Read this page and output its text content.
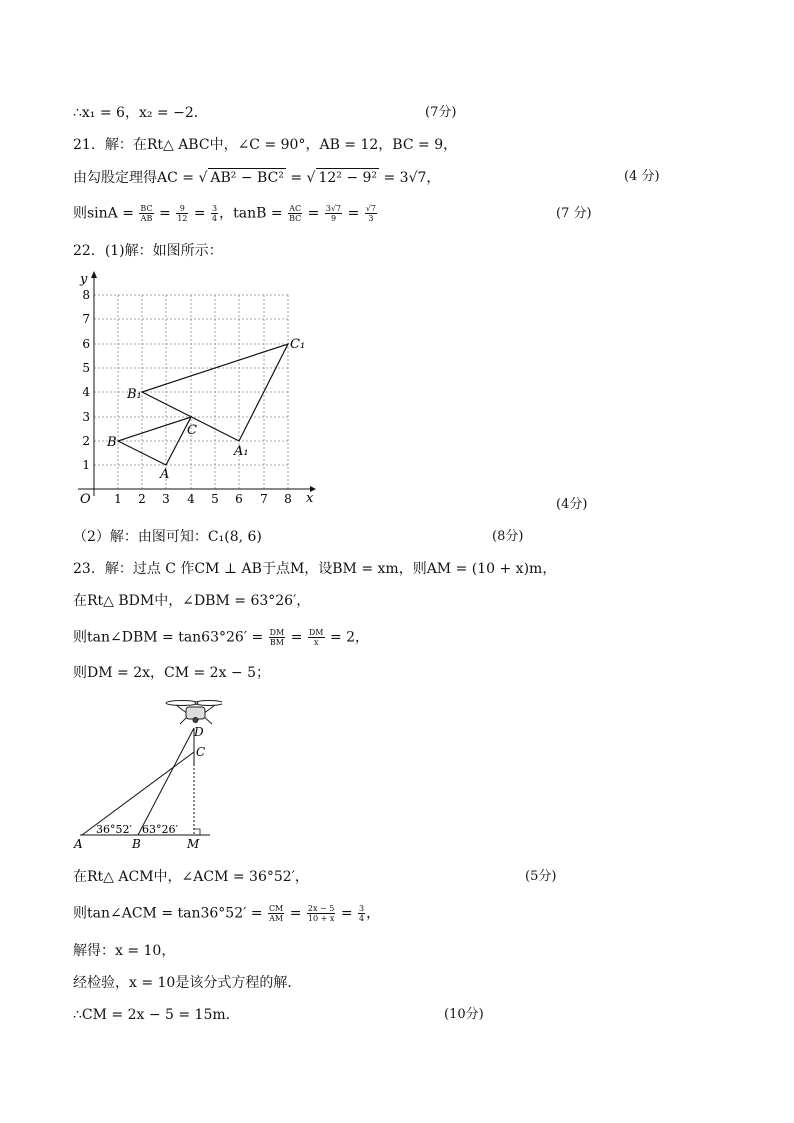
∴x₁ = 6，x₂ = −2．	(7分)
21．解：在Rt△ ABC中，∠C = 90°，AB = 12，BC = 9，
由勾股定理得AC = √ AB² − BC² = √ 12² − 9² = 3√7，	(4 分)
则$\sin A = \frac{BC}{AB} = \frac{9}{12} = \frac{3}{4}$ ，$\tan B = \frac{AC}{BC} = \frac{3√7}{9} = \frac{√7}{3}$	(7 分)
22．(1)解：如图所示：
x
y
O 1 2 3 4 5 6 7 8
1
2
3
4
5
6
7
8
A
B
C
A₁
B₁
C₁
(4分)
（2）解：由图可知：C₁(8, 6)	(8分)
23．解：过点 C 作CM ⊥ AB于点M，设BM = xm，则AM = (10 + x)m，
在Rt△ BDM中，∠DBM = 63°26′，
则tan∠DBM = $\tan 63^\circ 26' = \frac{DM}{BM} = \frac{DM}{x} = 2$，
则DM = 2x，CM = 2x − 5；
D
C
A	B	M
36°52′ 63°26′
在Rt△ ACM中，∠ACM = 36°52′，	(5分)
则tan∠ACM = $\tan 36^\circ 52' = \frac{CM}{AM} = \frac{2x - 5}{10 + x} = \frac{3}{4}$ ，
解得：x = 10，
经检验，x = 10是该分式方程的解．
∴CM = 2x − 5 = 15m．	(10分)
